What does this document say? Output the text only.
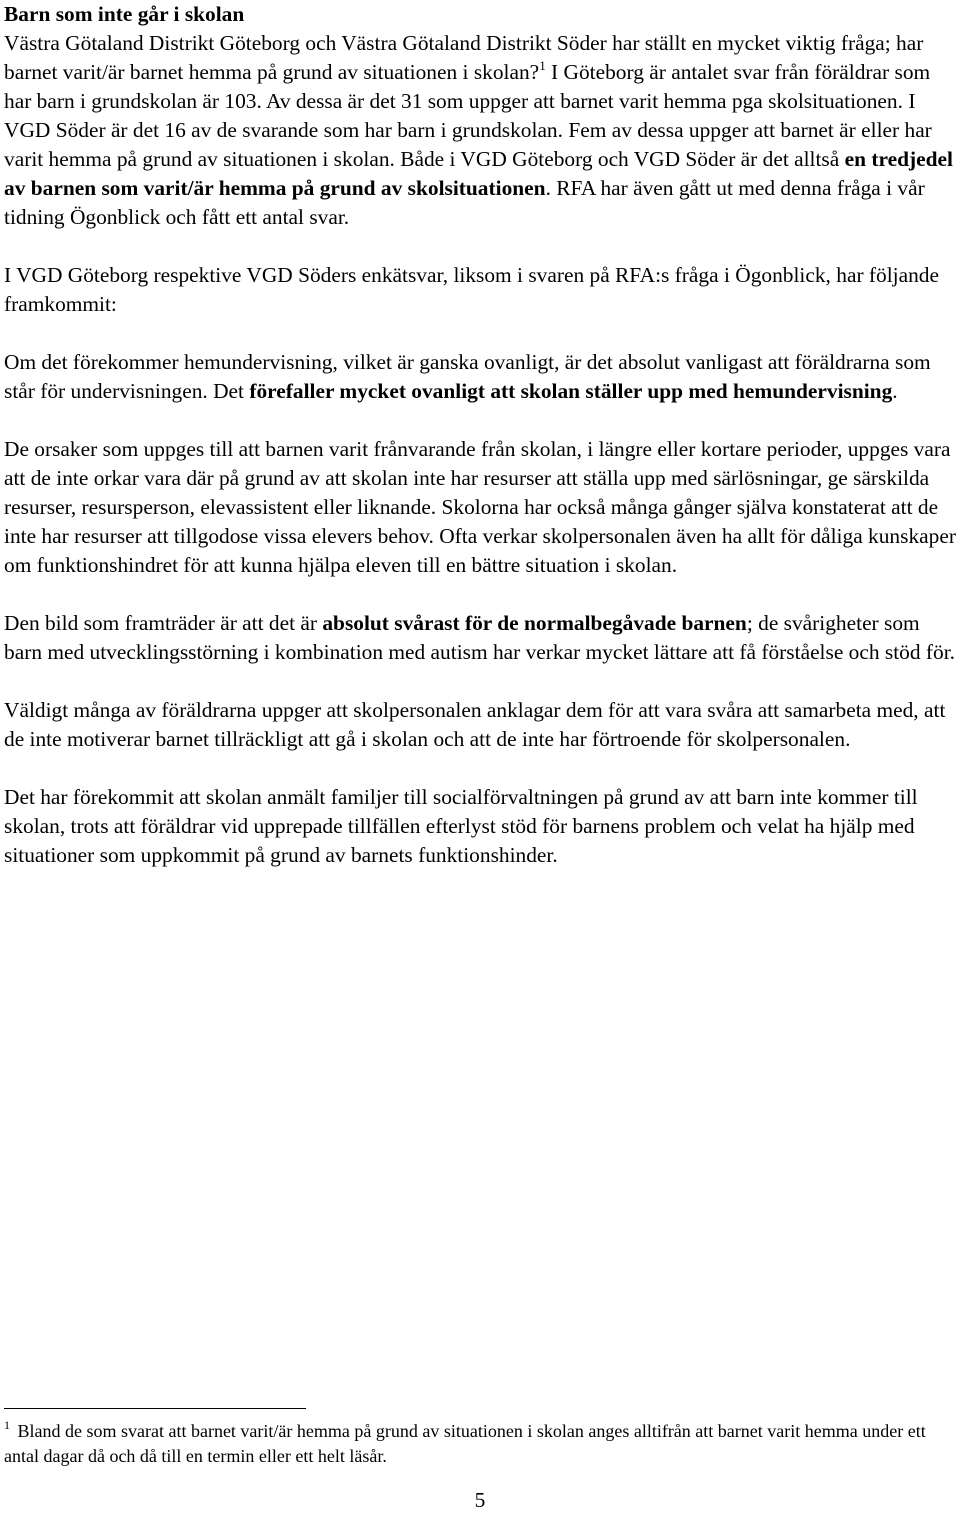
Barn som inte går i skolan

Västra Götaland Distrikt Göteborg och Västra Götaland Distrikt Söder har ställt en mycket viktig fråga; har barnet varit/är barnet hemma på grund av situationen i skolan?$^1$ I Göteborg är antalet svar från föräldrar som har barn i grundskolan är 103. Av dessa är det 31 som uppger att barnet varit hemma pga skolsituationen. I VGD Söder är det 16 av de svarande som har barn i grundskolan. Fem av dessa uppger att barnet är eller har varit hemma på grund av situationen i skolan. Både i VGD Göteborg och VGD Söder är det alltså en tredjedel av barnen som varit/är hemma på grund av skolsituationen. RFA har även gått ut med denna fråga i vår tidning Ögonblick och fått ett antal svar.

I VGD Göteborg respektive VGD Söders enkätsvar, liksom i svaren på RFA:s fråga i Ögonblick, har följande framkommit:

Om det förekommer hemundervisning, vilket är ganska ovanligt, är det absolut vanligast att föräldrarna som står för undervisningen. Det förefaller mycket ovanligt att skolan ställer upp med hemundervisning.

De orsaker som uppges till att barnen varit frånvarande från skolan, i längre eller kortare perioder, uppges vara att de inte orkar vara där på grund av att skolan inte har resurser att ställa upp med särlösningar, ge särskilda resurser, resursperson, elevassistent eller liknande. Skolorna har också många gånger själva konstaterat att de inte har resurser att tillgodose vissa elevers behov. Ofta verkar skolpersonalen även ha allt för dåliga kunskaper om funktionshindret för att kunna hjälpa eleven till en bättre situation i skolan.

Den bild som framträder är att det är absolut svårast för de normalbegåvade barnen; de svårigheter som barn med utvecklingsstörning i kombination med autism har verkar mycket lättare att få förståelse och stöd för.

Väldigt många av föräldrarna uppger att skolpersonalen anklagar dem för att vara svåra att samarbeta med, att de inte motiverar barnet tillräckligt att gå i skolan och att de inte har förtroende för skolpersonalen.

Det har förekommit att skolan anmält familjer till socialförvaltningen på grund av att barn inte kommer till skolan, trots att föräldrar vid upprepade tillfällen efterlyst stöd för barnens problem och velat ha hjälp med situationer som uppkommit på grund av barnets funktionshinder.

$^1$ Bland de som svarat att barnet varit/är hemma på grund av situationen i skolan anges alltifrån att barnet varit hemma under ett antal dagar då och då till en termin eller ett helt läsår.
5
